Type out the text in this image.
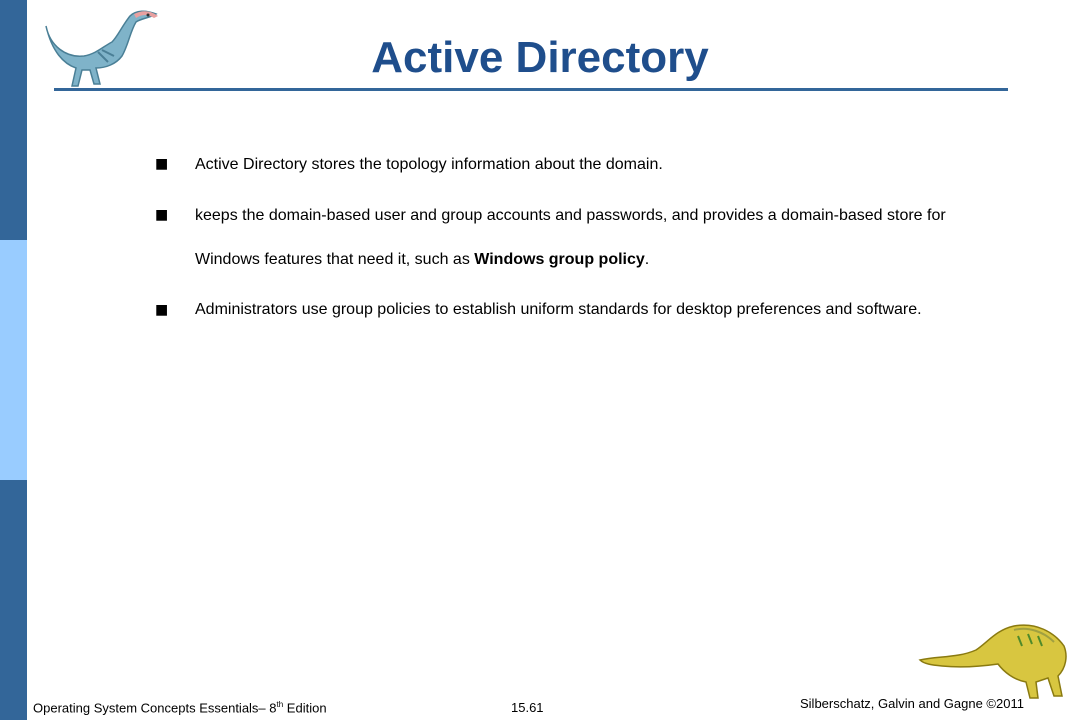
Active Directory
■ Active Directory stores the topology information about the domain.
■ keeps the domain-based user and group accounts and passwords, and provides a domain-based store for Windows features that need it, such as Windows group policy.
■ Administrators use group policies to establish uniform standards for desktop preferences and software.
Operating System Concepts Essentials– 8th Edition	15.61	Silberschatz, Galvin and Gagne ©2011
